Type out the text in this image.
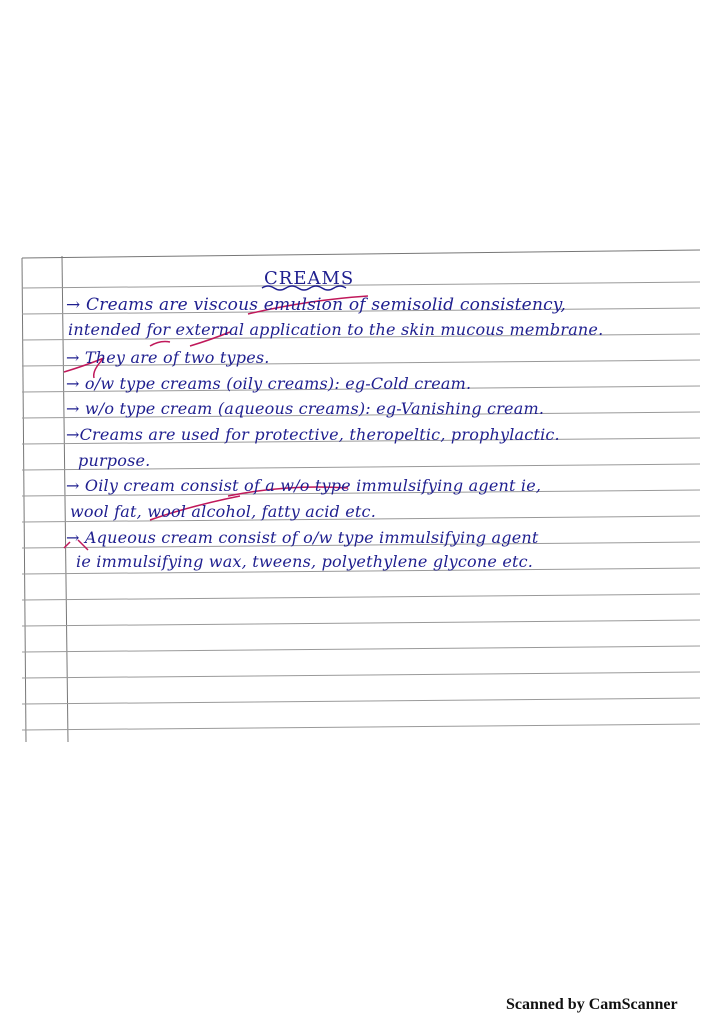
CREAMS
→ Creams are viscous emulsion of semisolid consistency,
intended for external application to the skin mucous membrane.
→ They are of two types.
→ o/w type creams (oily creams): eg-Cold cream.
→ w/o type cream (aqueous creams): eg-Vanishing cream.
→Creams are used for protective, theropeltic, prophylactic.
purpose.
→ Oily cream consist of a w/o type immulsifying agent ie,
wool fat, wool alcohol, fatty acid etc.
→ Aqueous cream consist of o/w type immulsifying agent
ie immulsifying wax, tweens, polyethylene glycone etc.
Scanned by CamScanner
